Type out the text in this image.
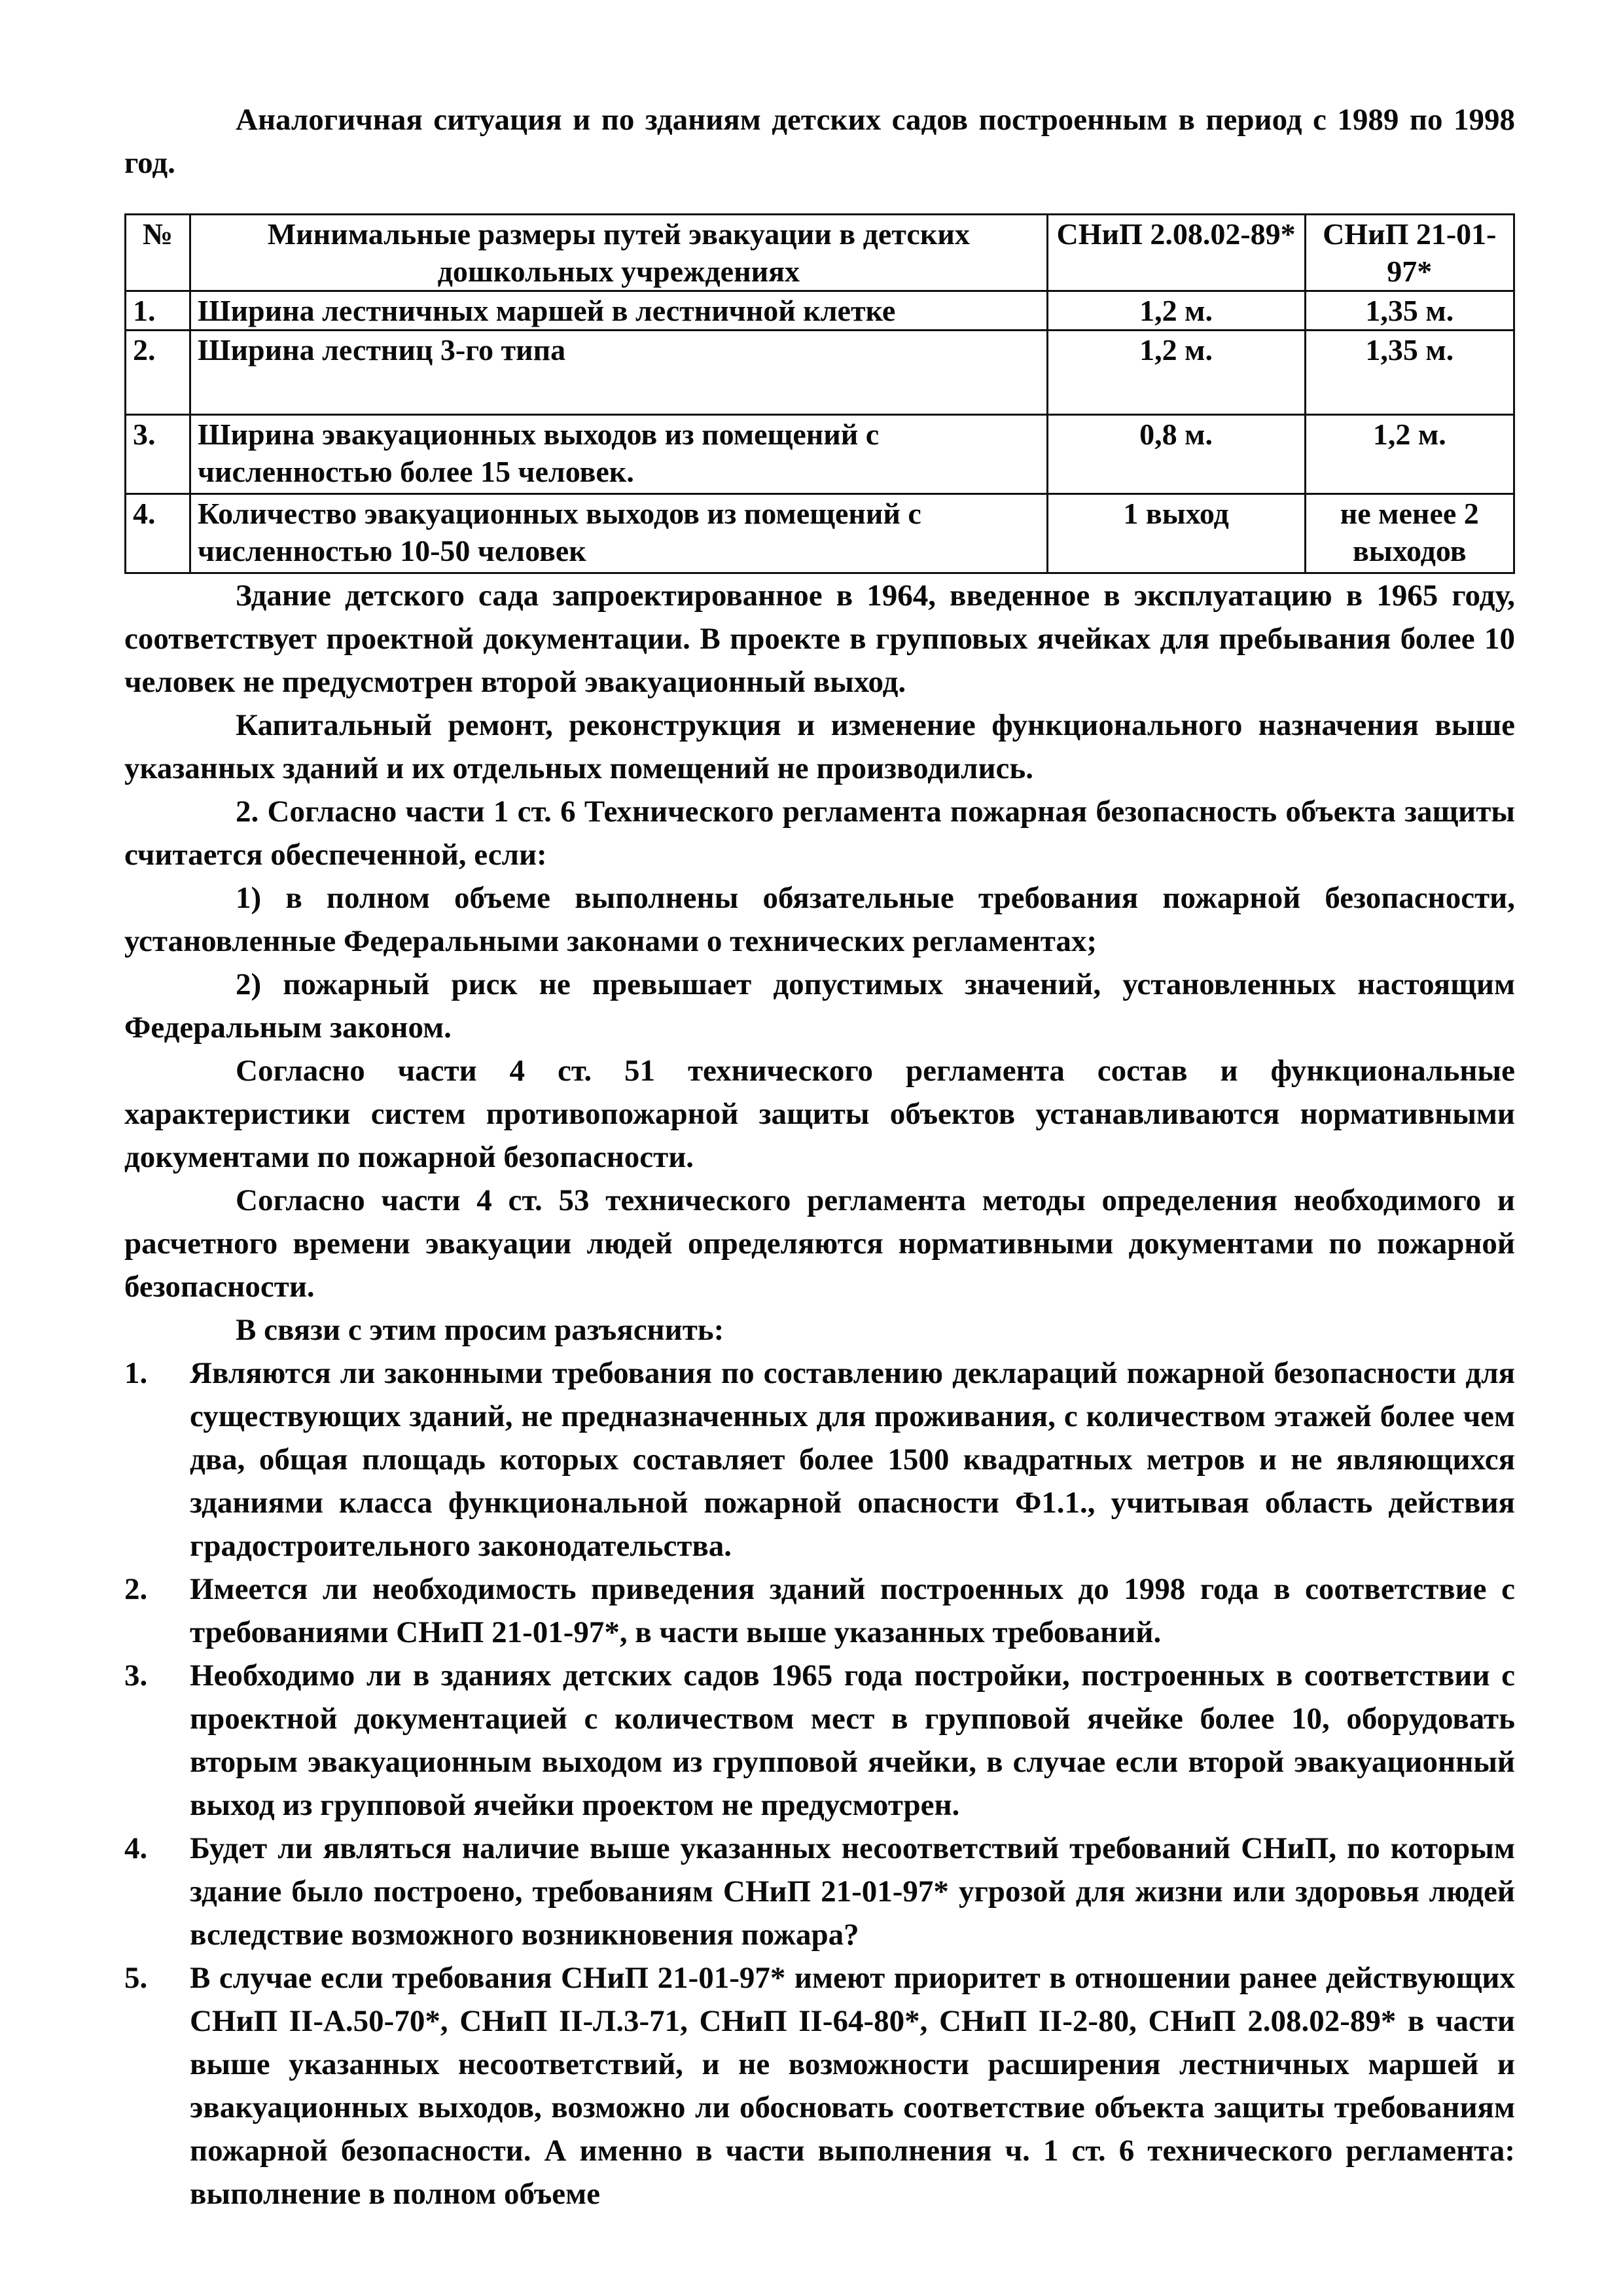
Аналогичная ситуация и по зданиям детских садов построенным в период с 1989 по 1998 год.

№	Минимальные размеры путей эвакуации в детских дошкольных учреждениях	СНиП 2.08.02-89*	СНиП 21-01-97*
1.	Ширина лестничных маршей в лестничной клетке	1,2 м.	1,35 м.
2.	Ширина лестниц 3-го типа	1,2 м.	1,35 м.
3.	Ширина эвакуационных выходов из помещений с численностью более 15 человек.	0,8 м.	1,2 м.
4.	Количество эвакуационных выходов из помещений с численностью 10-50 человек	1 выход	не менее 2 выходов

Здание детского сада запроектированное в 1964, введенное в эксплуатацию в 1965 году, соответствует проектной документации. В проекте в групповых ячейках для пребывания более 10 человек не предусмотрен второй эвакуационный выход.

Капитальный ремонт, реконструкция и изменение функционального назначения выше указанных зданий и их отдельных помещений не производились.

2. Согласно части 1 ст. 6 Технического регламента пожарная безопасность объекта защиты считается обеспеченной, если:

1) в полном объеме выполнены обязательные требования пожарной безопасности, установленные Федеральными законами о технических регламентах;

2) пожарный риск не превышает допустимых значений, установленных настоящим Федеральным законом.

Согласно части 4 ст. 51 технического регламента состав и функциональные характеристики систем противопожарной защиты объектов устанавливаются нормативными документами по пожарной безопасности.

Согласно части 4 ст. 53 технического регламента методы определения необходимого и расчетного времени эвакуации людей определяются нормативными документами по пожарной безопасности.

В связи с этим просим разъяснить:

1. Являются ли законными требования по составлению деклараций пожарной безопасности для существующих зданий, не предназначенных для проживания, с количеством этажей более чем два, общая площадь которых составляет более 1500 квадратных метров и не являющихся зданиями класса функциональной пожарной опасности Ф1.1., учитывая область действия градостроительного законодательства.
2. Имеется ли необходимость приведения зданий построенных до 1998 года в соответствие с требованиями СНиП 21-01-97*, в части выше указанных требований.
3. Необходимо ли в зданиях детских садов 1965 года постройки, построенных в соответствии с проектной документацией с количеством мест в групповой ячейке более 10, оборудовать вторым эвакуационным выходом из групповой ячейки, в случае если второй эвакуационный выход из групповой ячейки проектом не предусмотрен.
4. Будет ли являться наличие выше указанных несоответствий требований СНиП, по которым здание было построено, требованиям СНиП 21-01-97* угрозой для жизни или здоровья людей вследствие возможного возникновения пожара?
5. В случае если требования СНиП 21-01-97* имеют приоритет в отношении ранее действующих СНиП II-А.50-70*, СНиП II-Л.3-71, СНиП II-64-80*, СНиП II-2-80, СНиП 2.08.02-89* в части выше указанных несоответствий, и не возможности расширения лестничных маршей и эвакуационных выходов, возможно ли обосновать соответствие объекта защиты требованиям пожарной безопасности. А именно в части выполнения ч. 1 ст. 6 технического регламента: выполнение в полном объеме
